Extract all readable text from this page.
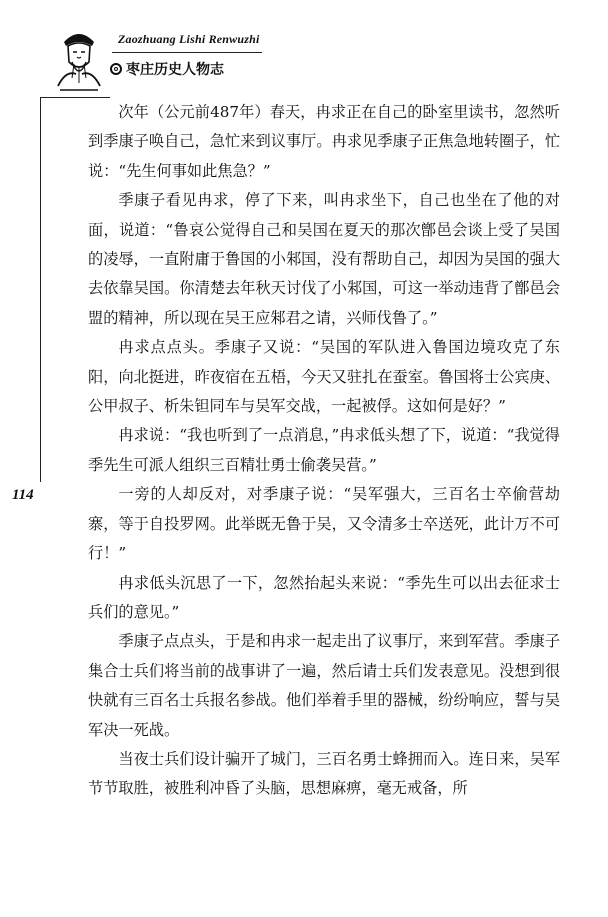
Zaozhuang Lishi Renwuzhi
枣庄历史人物志
114

次年（公元前487年）春天，冉求正在自己的卧室里读书，忽然听到季康子唤自己，急忙来到议事厅。冉求见季康子正焦急地转圈子，忙说：“先生何事如此焦急？”

季康子看见冉求，停了下来，叫冉求坐下，自己也坐在了他的对面，说道：“鲁哀公觉得自己和吴国在夏天的那次鄫邑会谈上受了吴国的凌辱，一直附庸于鲁国的小邾国，没有帮助自己，却因为吴国的强大去依靠吴国。你清楚去年秋天讨伐了小邾国，可这一举动违背了鄫邑会盟的精神，所以现在吴王应邾君之请，兴师伐鲁了。”

冉求点点头。季康子又说：“吴国的军队进入鲁国边境攻克了东阳，向北挺进，昨夜宿在五梧，今天又驻扎在蚕室。鲁国将士公宾庚、公甲叔子、析朱钽同车与吴军交战，一起被俘。这如何是好？”

冉求说：“我也听到了一点消息，”冉求低头想了下，说道：“我觉得季先生可派人组织三百精壮勇士偷袭吴营。”

一旁的人却反对，对季康子说：“吴军强大，三百名士卒偷营劫寨，等于自投罗网。此举既无鲁于吴，又令清多士卒送死，此计万不可行！”

冉求低头沉思了一下，忽然抬起头来说：“季先生可以出去征求士兵们的意见。”

季康子点点头，于是和冉求一起走出了议事厅，来到军营。季康子集合士兵们将当前的战事讲了一遍，然后请士兵们发表意见。没想到很快就有三百名士兵报名参战。他们举着手里的器械，纷纷响应，誓与吴军决一死战。

当夜士兵们设计骗开了城门，三百名勇士蜂拥而入。连日来，吴军节节取胜，被胜利冲昏了头脑，思想麻痹，毫无戒备，所
